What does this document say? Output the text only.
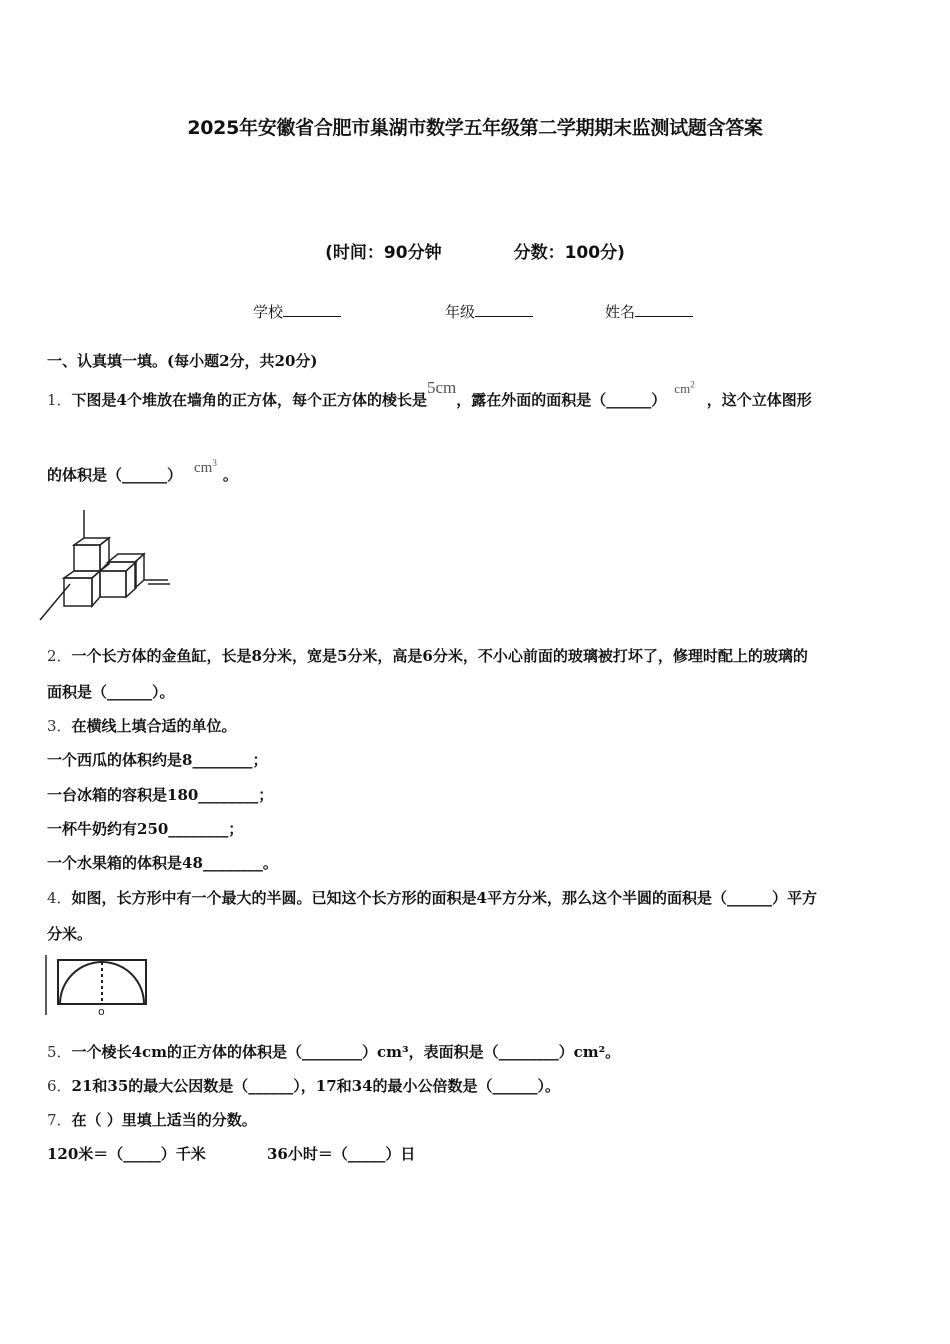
2025年安徽省合肥市巢湖市数学五年级第二学期期末监测试题含答案
(时间：90分钟	分数：100分)
学校	年级	姓名
一、认真填一填。(每小题2分，共20分)
1．下图是4个堆放在墙角的正方体，每个正方体的棱长是5cm，露在外面的面积是$(\_\_\_\_\_\_)cm^2$，这个立体图形
的体积是（______） $cm^3$。
2．一个长方体的金鱼缸，长是8分米，宽是5分米，高是6分米，不小心前面的玻璃被打坏了，修理时配上的玻璃的
面积是（______）。
3．在横线上填合适的单位。
一个西瓜的体积约是8________；
一台冰箱的容积是180________；
一杯牛奶约有250________；
一个水果箱的体积是48________。
4．如图，长方形中有一个最大的半圆。已知这个长方形的面积是4平方分米，那么这个半圆的面积是（______）平方
分米。
o
5．一个棱长4cm的正方体的体积是（________）cm³，表面积是（________）cm²。
6．21和35的最大公因数是（______），17和34的最小公倍数是（______）。
7．在（ ）里填上适当的分数。
120米＝（_____）千米	36小时＝（_____）日
